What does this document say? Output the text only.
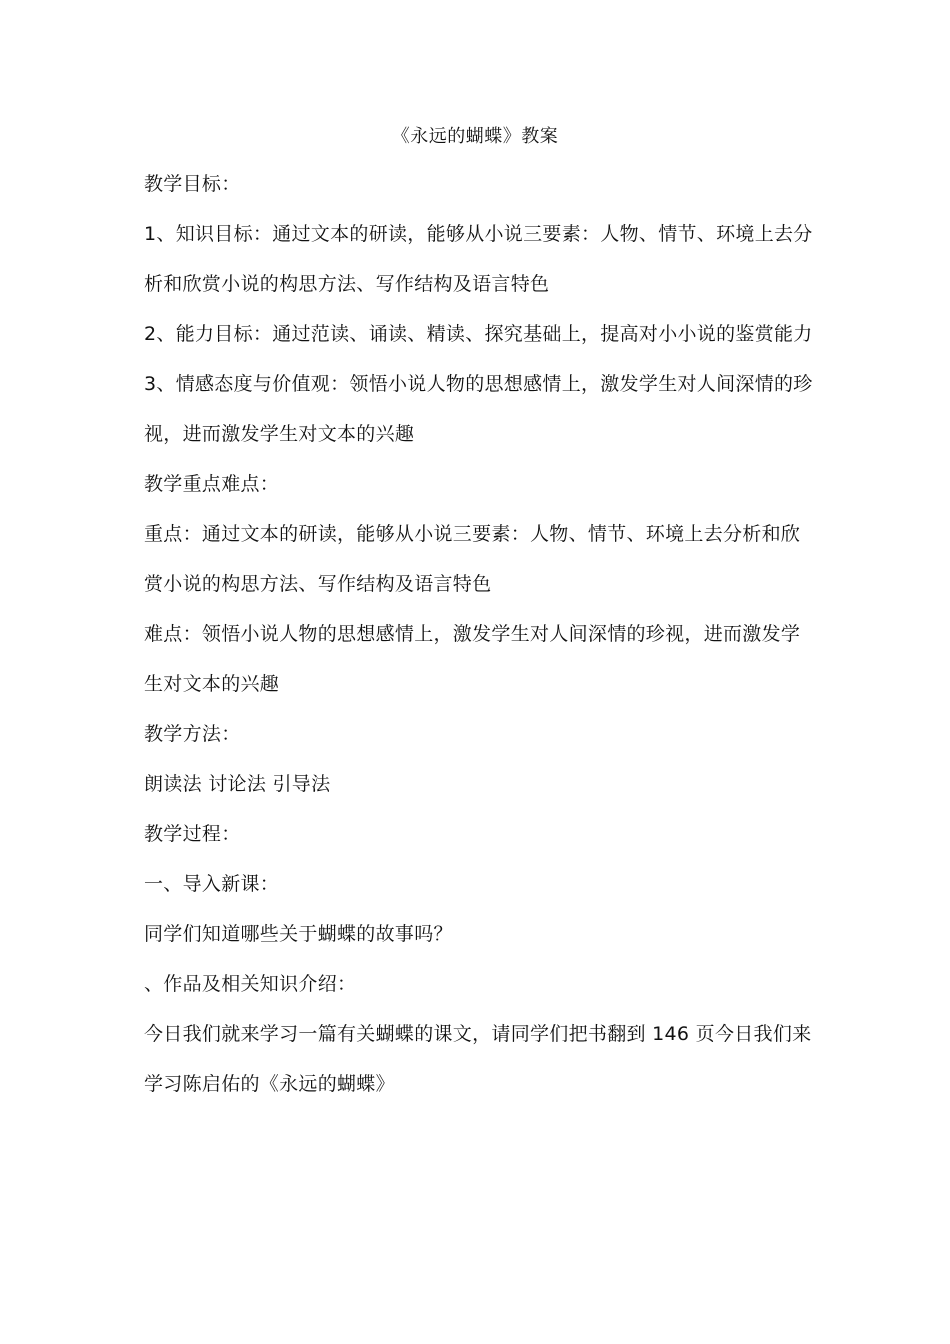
《永远的蝴蝶》教案

教学目标：

1、知识目标：通过文本的研读，能够从小说三要素：人物、情节、环境上去分

析和欣赏小说的构思方法、写作结构及语言特色

2、能力目标：通过范读、诵读、精读、探究基础上，提高对小小说的鉴赏能力

3、情感态度与价值观：领悟小说人物的思想感情上，激发学生对人间深情的珍

视，进而激发学生对文本的兴趣

教学重点难点：

重点：通过文本的研读，能够从小说三要素：人物、情节、环境上去分析和欣

赏小说的构思方法、写作结构及语言特色

难点：领悟小说人物的思想感情上，激发学生对人间深情的珍视，进而激发学

生对文本的兴趣

教学方法：

朗读法 讨论法 引导法

教学过程：

一、导入新课：

同学们知道哪些关于蝴蝶的故事吗？

、作品及相关知识介绍：

今日我们就来学习一篇有关蝴蝶的课文，请同学们把书翻到 146 页今日我们来

学习陈启佑的《永远的蝴蝶》
